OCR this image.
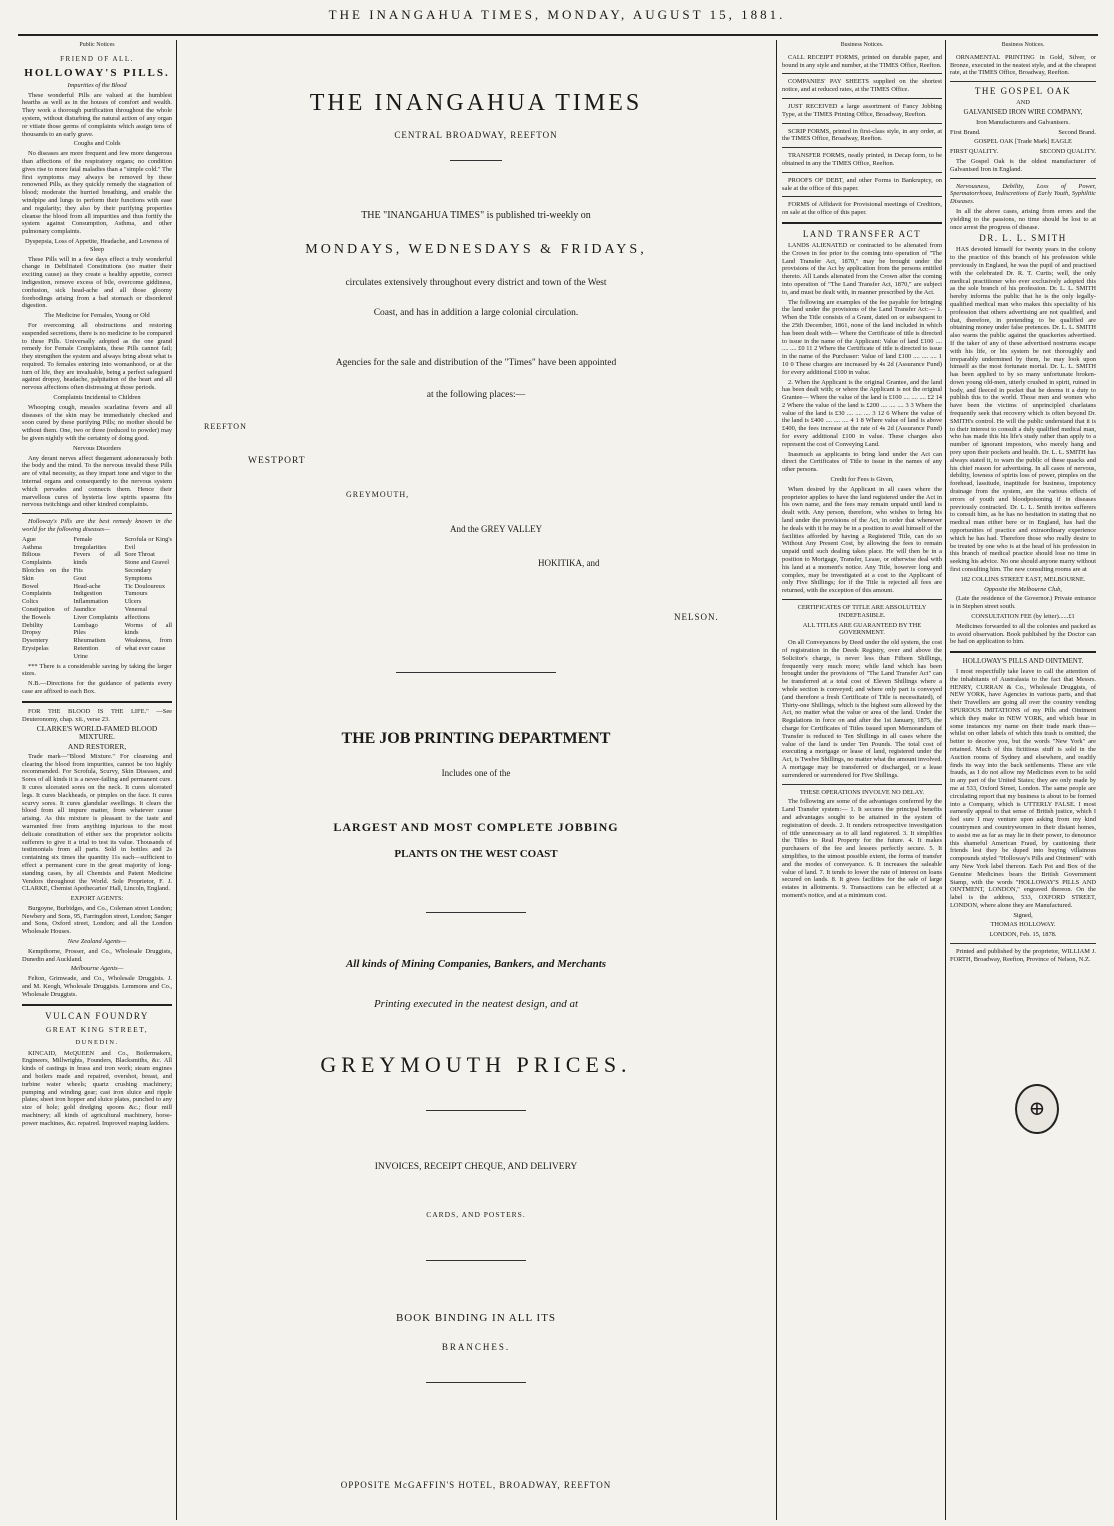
THE INANGAHUA TIMES, MONDAY, AUGUST 15, 1881.
Public Notices
FRIEND OF ALL.
HOLLOWAY'S PILLS.

Impurities of the Blood

These wonderful Pills are valued at the humblest hearths as well as in the houses of comfort and wealth. They work a thorough purification throughout the whole system, without disturbing the natural action of any organ or vitiate those germs of complaints which assign tens of thousands to an early grave.

Coughs and Colds

No diseases are more frequent and few more dangerous than affections of the respiratory organs; no condition gives rise to more fatal maladies than a "simple cold." The first symptoms may always be removed by these renowned Pills, as they quickly remedy the stagnation of blood; moderate the hurried breathing, and enable the windpipe and lungs to perform their functions with ease and regularity; they also by their purifying properties cleanse the blood from all impurities and thus fortify the system against Consumption, Asthma, and other pulmonary complaints.

Dyspepsia, Loss of Appetite, Headache, and Lowness of Sleep

These Pills will in a few days effect a truly wonderful change in Debilitated Constitutions (no matter their exciting cause) as they create a healthy appetite, correct indigestion, remove excess of bile, overcome giddiness, confusion, sick head-ache and all those gloomy forebodings arising from a bad stomach or disordered digestion.

The Medicine for Females, Young or Old

For overcoming all obstructions and restoring suspended secretions, there is no medicine to be compared to these Pills. Universally adopted as the one grand remedy for Female Complaints, these Pills cannot fail; they strengthen the system and always bring about what is required. To females entering into womanhood, or at the turn of life, they are invaluable, being a perfect safeguard against dropsy, headache, palpitation of the heart and all nervous affections often distressing at those periods.

Complaints Incidental to Children

Whooping cough, measles scarlatina fevers and all diseases of the skin may be immediately checked and soon cured by these purifying Pills; no mother should be without them. One, two or three (reduced to powder) may be given nightly with the certainty of doing good.

Nervous Disorders

Any derant nerves affect thegement adoneraously both the body and the mind. To the nervous invalid these Pills are of vital necessity, as they impart tone and vigor to the internal organs and consequently to the nervous system which pervades and connects them. Hence their marvellous cures of hysteria low spirits spasms fits nervous twitchings and other kindred complaints.

Holloway's Pills are the best remedy known in the world for the following diseases—

Ague
Asthma
Bilious Complaints
Blotches on the Skin
Bowel Complaints
Colics
Constipation of the Bowels
Debility
Dropsy
Dysentery
Erysipelas
Female Irregularities
Fevers of all kinds
Fits
Gout
Head-ache
Indigestion
Inflammation
Jaundice
Liver Complaints
Lumbago
Piles
Rheumatism
Retention of Urine
Scrofula or King's Evil
Sore Throat
Stone and Gravel
Secondary Symptoms
Tic Douloureux
Tumours
Ulcers
Venereal affections
Worms of all kinds
Weakness, from what ever cause

*** There is a considerable saving by taking the larger sizes.

N.B.—Directions for the guidance of patients every case are affixed to each Box.

FOR THE BLOOD IS THE LIFE." —See Deuteronomy, chap. xii., verse 23.

CLARKE'S WORLD-FAMED BLOOD MIXTURE.

AND RESTORER,

Trade mark—"Blood Mixture." For cleansing and clearing the blood from impurities, cannot be too highly recommended. For Scrofula, Scurvy, Skin Diseases, and Sores of all kinds it is a never-failing and permanent cure. It cures ulcerated sores on the neck. It cures ulcerated legs. It cures blackheads, or pimples on the face. It cures scurvy sores. It cures glandular swellings. It clears the blood from all impure matter, from whatever cause arising. As this mixture is pleasant to the taste and warranted free from anything injurious to the most delicate constitution of either sex the proprietor solicits sufferers to give it a trial to test its value. Thousands of testimonials from all parts. Sold in bottles and 2s containing six times the quantity 11s each—sufficient to effect a permanent cure in the great majority of long-standing cases, by all Chemists and Patent Medicine Vendors throughout the World. Sole Proprietor, F. J. CLARKE, Chemist Apothecaries' Hall, Lincoln, England.

EXPORT AGENTS:

Burgoyne, Burbidges, and Co., Coleman street London; Newbery and Sons, 95, Farringdon street, London; Sanger and Sons, Oxford street, London; and all the London Wholesale Houses.

New Zealand Agents—

Kempthorne, Prosser, and Co., Wholesale Druggists, Dunedin and Auckland.

Melbourne Agents—

Felton, Grimwade, and Co., Wholesale Druggists. J. and M. Keogh, Wholesale Druggists. Lemmons and Co., Wholesale Druggists.

VULCAN FOUNDRY
GREAT KING STREET,
DUNEDIN.

KINCAID, McQUEEN and Co., Boilermakers, Engineers, Millwrights, Founders, Blacksmiths, &c. All kinds of castings in brass and iron work; steam engines and boilers made and repaired, overshot, breast, and turbine water wheels; quartz crushing machinery; pumping and winding gear; cast iron sluice and ripple plates; sheet iron hopper and sluice plates, punched to any size of hole; gold dredging spoons &c.; flour mill machinery; all kinds of agricultural machinery, horse-power machines, &c. repaired. Improved reaping ladders.

THE INANGAHUA TIMES
CENTRAL BROADWAY, REEFTON
THE "INANGAHUA TIMES" is published tri-weekly on
MONDAYS, WEDNESDAYS & FRIDAYS,
circulates extensively throughout every district and town of the West
Coast, and has in addition a large colonial circulation.
Agencies for the sale and distribution of the "Times" have been appointed
at the following places:—
REEFTON
WESTPORT
GREYMOUTH,
And the GREY VALLEY
HOKITIKA, and
NELSON.
THE JOB PRINTING DEPARTMENT
Includes one of the
LARGEST AND MOST COMPLETE JOBBING
PLANTS ON THE WEST COAST
All kinds of Mining Companies, Bankers, and Merchants
Printing executed in the neatest design, and at
GREYMOUTH PRICES.
INVOICES, RECEIPT CHEQUE, AND DELIVERY
CARDS, AND POSTERS.
BOOK BINDING IN ALL ITS
BRANCHES.
OPPOSITE McGAFFIN'S HOTEL, BROADWAY, REEFTON
Business Notices.

CALL RECEIPT FORMS, printed on durable paper, and bound in any style and number, at the TIMES Office, Reefton.

COMPANIES' PAY SHEETS supplied on the shortest notice, and at reduced rates, at the TIMES Office.

JUST RECEIVED a large assortment of Fancy Jobbing Type, at the TIMES Printing Office, Broadway, Reefton.

SCRIP FORMS, printed in first-class style, in any order, at the TIMES Office, Broadway, Reefton.

TRANSFER FORMS, neatly printed, in Decap form, to be obtained in any the TIMES Office, Reefton.

PROOFS OF DEBT, and other Forms in Bankruptcy, on sale at the office of this paper.

FORMS of Affidavit for Provisional meetings of Creditors, on sale at the office of this paper.

LAND TRANSFER ACT

LANDS ALIENATED or contracted to be alienated from the Crown in fee prior to the coming into operation of "The Land Transfer Act, 1870," may be brought under the provisions of the Act by application from the persons entitled thereto. All Lands alienated from the Crown after the coming into operation of "The Land Transfer Act, 1870," are subject to, and must be dealt with, in manner prescribed by the Act.

The following are examples of the fee payable for bringing the land under the provisions of the Land Transfer Act:— 1. When the Title consists of a Grant, dated on or subsequent to the 25th December, 1861, none of the land included in which has been dealt with— Where the Certificate of title is directed to issue in the name of the Applicant: Value of land £100 .... .... .... £0 11 2 Where the Certificate of title is directed to issue in the name of the Purchaser: Value of land £100 .... .... .... 1 10 0 These charges are increased by 4s 2d (Assurance Fund) for every additional £100 in value.

2. When the Applicant is the original Grantee, and the land has been dealt with; or where the Applicant is not the original Grantee— Where the value of the land is £100 .... .... .... £2 14 2 Where the value of the land is £200 .... .... .... 3 3 Where the value of the land is £30 .... .... .... 3 12 6 Where the value of the land is £400 .... .... .... 4 1 8 Where value of land is above £400, the fees increase at the rate of 4s 2d (Assurance Fund) for every additional £100 in value. These charges also represent the cost of Conveying Land.

Inasmuch as applicants to bring land under the Act can direct the Certificates of Title to issue in the names of any other persons.

Credit for Fees is Given,

When desired by the Applicant in all cases where the proprietor applies to have the land registered under the Act in his own name, and the fees may remain unpaid until land is dealt with. Any person, therefore, who wishes to bring his land under the provisions of the Act, in order that whenever he deals with it he may be in a position to avail himself of the facilities afforded by having a Registered Title, can do so Without Any Present Cost, by allowing the fees to remain unpaid until such dealing takes place. He will then be in a position to Mortgage, Transfer, Lease, or otherwise deal with his land at a moment's notice. Any Title, however long and complex, may be investigated at a cost to the Applicant of only Five Shillings; for if the Title is rejected all fees are returned, with the exception of this amount.

CERTIFICATES OF TITLE ARE ABSOLUTELY INDEFEASIBLE.

ALL TITLES ARE GUARANTEED BY THE GOVERNMENT.

On all Conveyances by Deed under the old system, the cost of registration in the Deeds Registry, over and above the Solicitor's charge, is never less than Fifteen Shillings, frequently very much more; while land which has been brought under the provisions of "The Land Transfer Act" can be transferred at a total cost of Eleven Shillings where a whole section is conveyed; and where only part is conveyed (and therefore a fresh Certificate of Title is necessitated), of Thirty-one Shillings, which is the highest sum allowed by the Act, no matter what the value or area of the land. Under the Regulations in force on and after the 1st January, 1875, the charge for Certificates of Titles issued upon Memorandum of Transfer is reduced to Ten Shillings in all cases where the value of the land is under Ten Pounds. The total cost of executing a mortgage or lease of land, registered under the Act, is Twelve Shillings, no matter what the amount involved. A mortgage may be transferred or discharged, or a lease surrendered or surrendered for Five Shillings.

THESE OPERATIONS INVOLVE NO DELAY.

The following are some of the advantages conferred by the Land Transfer system:— 1. It secures the principal benefits and advantages sought to be attained in the system of registration of deeds. 2. It renders retrospective investigation of title unnecessary as to all land registered. 3. It simplifies the Titles to Real Property for the future. 4. It makes purchasers of the fee and lessees perfectly secure. 5. It simplifies, to the utmost possible extent, the forms of transfer and the modes of conveyance. 6. It increases the saleable value of land. 7. It tends to lower the rate of interest on loans secured on lands. 8. It gives facilities for the sale of large estates in allotments. 9. Transactions can be effected at a moment's notice, and at a minimum cost.

Business Notices.

ORNAMENTAL PRINTING in Gold, Silver, or Bronze, executed in the neatest style, and at the cheapest rate, at the TIMES Office, Broadway, Reefton.

THE GOSPEL OAK

AND

GALVANISED IRON WIRE COMPANY,

Iron Manufacturers and Galvanisers.

First Brand.	Second Brand.

GOSPEL OAK [Trade Mark] EAGLE

FIRST QUALITY.	SECOND QUALITY.

The Gospel Oak is the oldest manufacturer of Galvanised Iron in England.

Nervousness, Debility, Loss of Power, Spermatorrhoea, Indiscretions of Early Youth, Syphilitic Diseases.

In all the above cases, arising from errors and the yielding to the passions, no time should be lost to at once arrest the progress of disease.

DR. L. L. SMITH

HAS devoted himself for twenty years in the colony to the practice of this branch of his profession while previously in England, he was the pupil of and practised with the celebrated Dr. R. T. Curtis; well, the only medical practitioner who ever exclusively adopted this as the sole branch of his profession. Dr. L. L. SMITH hereby informs the public that he is the only legally-qualified medical man who makes this speciality of his profession that others advertising are not qualified, and that, therefore, in pretending to be qualified are obtaining money under false pretences. Dr. L. L. SMITH also warns the public against the quackeries advertised. If the taker of any of these advertised nostrums escape with his life, or his system be not thoroughly and irreparably undermined by them, he may look upon himself as the most fortunate mortal. Dr. L. L. SMITH has been applied to by so many unfortunate broken-down young old-men, utterly crushed in spirit, ruined in body, and fleeced in pocket that he deems it a duty to publish this to the world. Those men and women who have been the victims of unprincipled charlatans frequently seek that recovery which is often beyond Dr. SMITH's control. He will the public understand that it is to their interest to consult a duly qualified medical man, who has made this his life's study rather than apply to a number of ignorant impostors, who merely hang and prey upon their pockets and health. Dr. L. L. SMITH has always stated it, to warn the public of these quacks and his chief reason for advertising. In all cases of nervous, debility, lowness of spirits loss of power, pimples on the forehead, lassitude, inaptitude for business, impotency drainage from the system, are the various effects of errors of youth and bloodpoisoning if in diseases previously contracted. Dr. L. L. Smith invites sufferers to consult him, as he has no hesitation in stating that no medical man either here or in England, has had the opportunities of practice and extraordinary experience which he has had. Therefore those who really desire to be treated by one who is at the head of his profession in this branch of medical practice should lose no time in seeking his advice. No one should anyone marry without first consulting him. The new consulting rooms are at

182 COLLINS STREET EAST, MELBOURNE.

Opposite the Melbourne Club,

(Late the residence of the Governor.) Private entrance is in Stephen street south.

CONSULTATION FEE (by letter)......£1

Medicines forwarded to all the colonies and packed as to avoid observation. Book published by the Doctor can be had on application to him.

HOLLOWAY'S PILLS AND OINTMENT.

I most respectfully take leave to call the attention of the inhabitants of Australasia to the fact that Messrs. HENRY, CURRAN & Co., Wholesale Druggists, of NEW YORK, have Agencies in various parts, and that their Travellers are going all over the country vending SPURIOUS IMITATIONS of my Pills and Ointment which they make in NEW YORK, and which bear in some instances my name on their trade mark thus— whilst on other labels of which this trash is omitted, the better to deceive you, but the words "New York" are retained. Much of this fictitious stuff is sold in the Auction rooms of Sydney and elsewhere, and readily finds its way into the back settlements. These are vile frauds, as I do not allow my Medicines even to be sold in any part of the United States; they are only made by me at 533, Oxford Street, London. The same people are circulating report that my business is about to be formed into a Company, which is UTTERLY FALSE. I most earnestly appeal to that sense of British justice, which I feel sure I may venture upon asking from my kind countrymen and countrywomen in their distant homes, to assist me as far as may lie in their power, to denounce this shameful American Fraud, by cautioning their friends lest they be duped into buying villainous compounds styled "Holloway's Pills and Ointment" with any New York label thereon. Each Pot and Box of the Genuine Medicines bears the British Government Stamp, with the words "HOLLOWAY'S PILLS AND OINTMENT, LONDON," engraved thereon. On the label is the address, 533, OXFORD STREET, LONDON, where alone they are Manufactured.

Signed,

THOMAS HOLLOWAY.

LONDON, Feb. 15, 1878.

Printed and published by the proprietor, WILLIAM J. FORTH, Broadway, Reefton, Province of Nelson, N.Z.

⊕
